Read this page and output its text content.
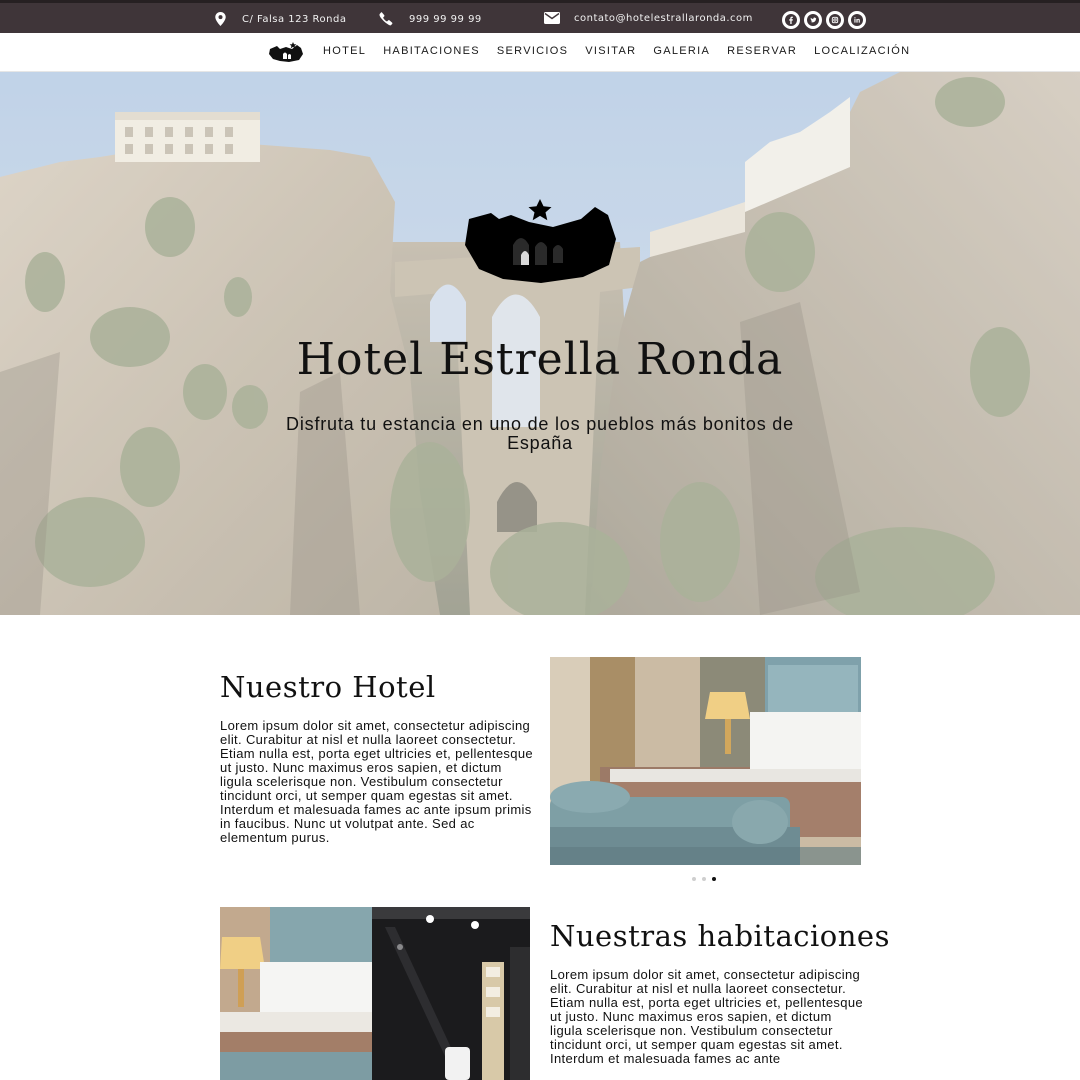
C/ Falsa 123 Ronda	999 99 99 99	contato@hotelestrallaronda.com
HOTEL HABITACIONES SERVICIOS VISITAR GALERIA RESERVAR LOCALIZACIÓN
Hotel Estrella Ronda
Disfruta tu estancia en uno de los pueblos más bonitos de España
Nuestro Hotel
Lorem ipsum dolor sit amet, consectetur adipiscing elit. Curabitur at nisl et nulla laoreet consectetur. Etiam nulla est, porta eget ultricies et, pellentesque ut justo. Nunc maximus eros sapien, et dictum ligula scelerisque non. Vestibulum consectetur tincidunt orci, ut semper quam egestas sit amet. Interdum et malesuada fames ac ante ipsum primis in faucibus. Nunc ut volutpat ante. Sed ac elementum purus.
Nuestras habitaciones
Lorem ipsum dolor sit amet, consectetur adipiscing elit. Curabitur at nisl et nulla laoreet consectetur. Etiam nulla est, porta eget ultricies et, pellentesque ut justo. Nunc maximus eros sapien, et dictum ligula scelerisque non. Vestibulum consectetur tincidunt orci, ut semper quam egestas sit amet. Interdum et malesuada fames ac ante
